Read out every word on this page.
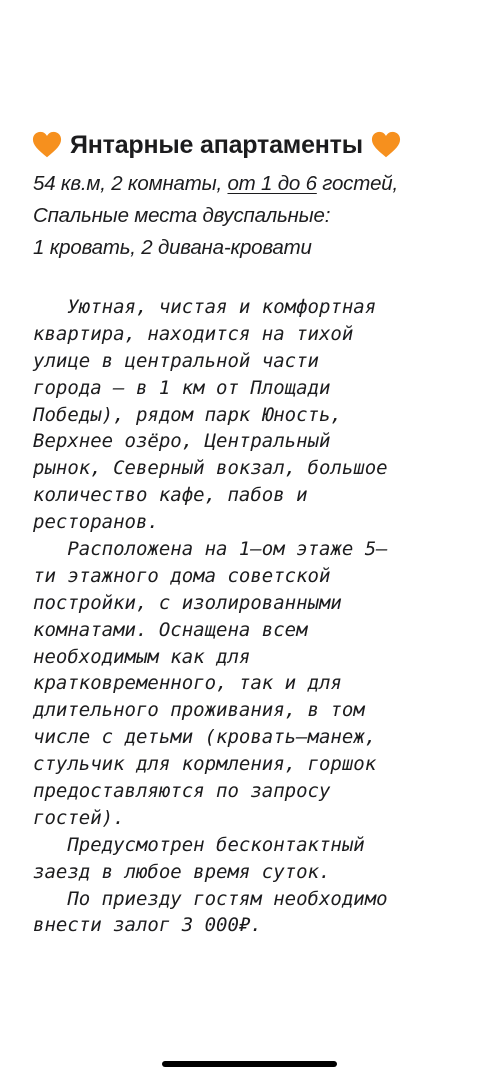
Янтарные апартаменты
54 кв.м, 2 комнаты, от 1 до 6 гостей,
Спальные места двуспальные:
1 кровать, 2 дивана-кровати
Уютная, чистая и комфортная
квартира, находится на тихой
улице в центральной части
города – в 1 км от Площади
Победы), рядом парк Юность,
Верхнее озёро, Центральный
рынок, Северный вокзал, большое
количество кафе, пабов и
ресторанов.
Расположена на 1–ом этаже 5–
ти этажного дома советской
постройки, с изолированными
комнатами. Оснащена всем
необходимым как для
кратковременного, так и для
длительного проживания, в том
числе с детьми (кровать–манеж,
стульчик для кормления, горшок
предоставляются по запросу
гостей).
Предусмотрен бесконтактный
заезд в любое время суток.
По приезду гостям необходимо
внести залог 3 000₽.
